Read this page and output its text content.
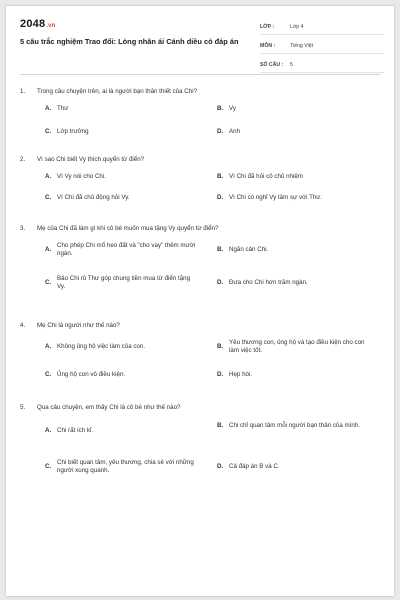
2048.vn
5 câu trắc nghiệm Trao đổi: Lòng nhân ái Cánh diều có đáp án
LỚP :	Lớp 4
MÔN :	Tiếng Việt
SỐ CÂU :	5
1.	Trong câu chuyện trên, ai là người bạn thân thiết của Chi?
A. Thư	B. Vy
C. Lớp trưởng	D. Anh
2.	Vì sao Chi biết Vy thích quyển từ điển?
A. Vì Vy nói cho Chi.	B. Vì Chi đã hỏi cô chủ nhiệm
C. Vì Chi đã chủ động hỏi Vy.	D. Vì Chi có nghỉ Vy tâm sự với Thư.
3.	Mẹ của Chi đã làm gì khi cô bé muốn mua tặng Vy quyển từ điển?
A.
Cho phép Chi mổ heo đất và "cho vay" thêm mười ngàn.
B. Ngăn cản Chi.
C.
Bảo Chi rủ Thư góp chung tiền mua từ điển tặng Vy.
D. Đưa cho Chi hơn trăm ngàn.
4.	Mẹ Chi là người như thế nào?
A. Không ủng hộ việc làm của con.	B.
Yêu thương con, ủng hộ và tạo điều kiện cho con làm việc tốt.
C. Ủng hộ con vô điều kiện.	D. Hẹp hòi.
5.	Qua câu chuyện, em thấy Chi là cô bé như thế nào?
A. Chi rất ích kỉ.
B. Chi chỉ quan tâm mỗi người bạn thân của mình.
C.
Chi biết quan tâm, yêu thương, chia sẻ với những người xung quanh.
D. Cả đáp án B và C.
